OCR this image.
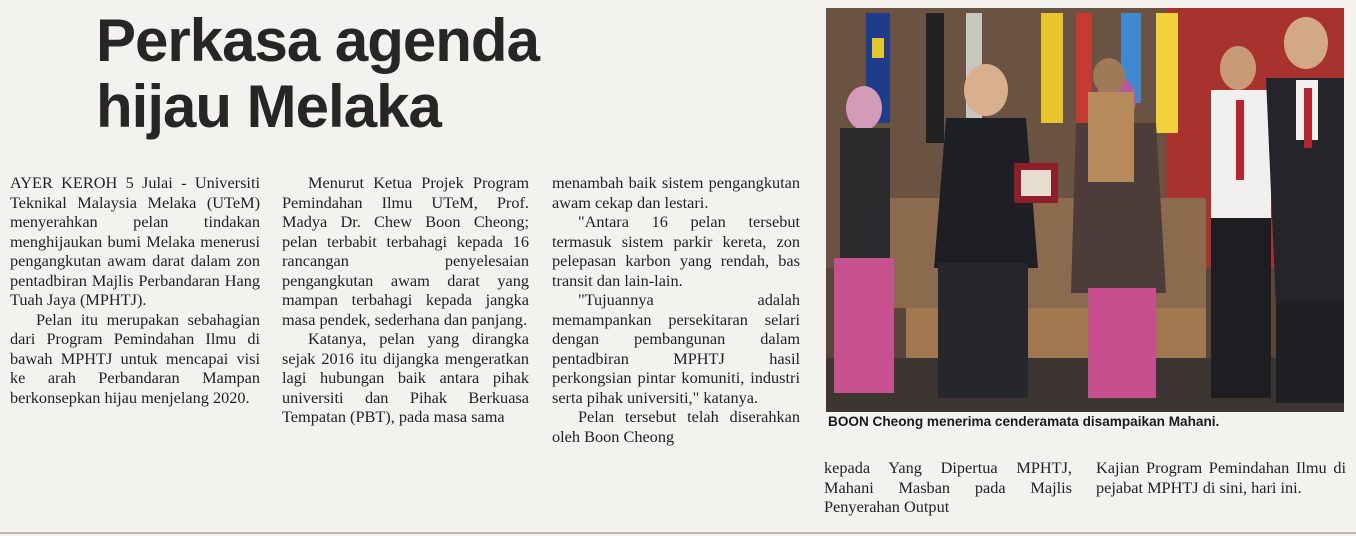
Perkasa agenda
hijau Melaka

AYER KEROH 5 Julai - Universiti Teknikal Malaysia Melaka (UTeM) menyerahkan pelan tindakan menghijaukan bumi Melaka menerusi pengangkutan awam darat dalam zon pentadbiran Majlis Perbandaran Hang Tuah Jaya (MPHTJ).

Pelan itu merupakan sebahagian dari Program Pemindahan Ilmu di bawah MPHTJ untuk mencapai visi ke arah Perbandaran Mampan berkonsepkan hijau menjelang 2020.

Menurut Ketua Projek Program Pemindahan Ilmu UTeM, Prof. Madya Dr. Chew Boon Cheong; pelan terbabit terbahagi kepada 16 rancangan penyelesaian pengangkutan awam darat yang mampan terbahagi kepada jangka masa pendek, sederhana dan panjang.

Katanya, pelan yang dirangka sejak 2016 itu dijangka mengeratkan lagi hubungan baik antara pihak universiti dan Pihak Berkuasa Tempatan (PBT), pada masa sama

menambah baik sistem pengangkutan awam cekap dan lestari.

"Antara 16 pelan tersebut termasuk sistem parkir kereta, zon pelepasan karbon yang rendah, bas transit dan lain-lain.

"Tujuannya adalah memampankan persekitaran selari dengan pembangunan dalam pentadbiran MPHTJ hasil perkongsian pintar komuniti, industri serta pihak universiti," katanya.

Pelan tersebut telah diserahkan oleh Boon Cheong

kepada Yang Dipertua MPHTJ, Mahani Masban pada Majlis Penyerahan Output

Kajian Program Pemindahan Ilmu di pejabat MPHTJ di sini, hari ini.

BOON Cheong menerima cenderamata disampaikan Mahani.
